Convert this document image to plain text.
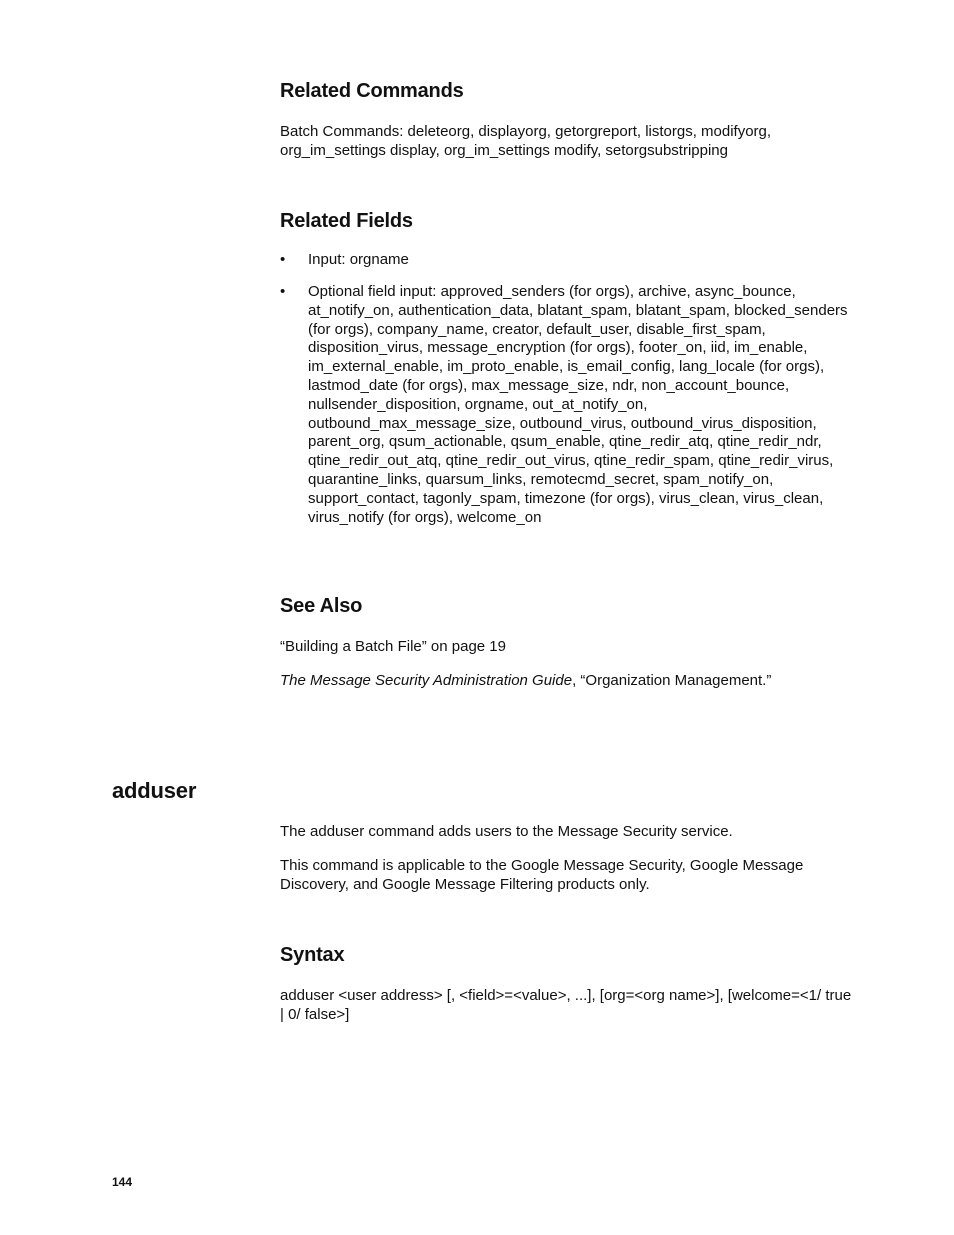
Related Commands

Batch Commands: deleteorg, displayorg, getorgreport, listorgs, modifyorg, org_im_settings display, org_im_settings modify, setorgsubstripping

Related Fields
• Input: orgname
• Optional field input: approved_senders (for orgs), archive, async_bounce, at_notify_on, authentication_data, blatant_spam, blatant_spam, blocked_senders (for orgs), company_name, creator, default_user, disable_first_spam, disposition_virus, message_encryption (for orgs), footer_on, iid, im_enable, im_external_enable, im_proto_enable, is_email_config, lang_locale (for orgs), lastmod_date (for orgs), max_message_size, ndr, non_account_bounce, nullsender_disposition, orgname, out_at_notify_on, outbound_max_message_size, outbound_virus, outbound_virus_disposition, parent_org, qsum_actionable, qsum_enable, qtine_redir_atq, qtine_redir_ndr, qtine_redir_out_atq, qtine_redir_out_virus, qtine_redir_spam, qtine_redir_virus, quarantine_links, quarsum_links, remotecmd_secret, spam_notify_on, support_contact, tagonly_spam, timezone (for orgs), virus_clean, virus_clean, virus_notify (for orgs), welcome_on
See Also

“Building a Batch File” on page 19

The Message Security Administration Guide, “Organization Management.”

adduser

The adduser command adds users to the Message Security service.

This command is applicable to the Google Message Security, Google Message Discovery, and Google Message Filtering products only.

Syntax

adduser <user address> [, <field>=<value>, ...], [org=<org name>], [welcome=<1/ true | 0/ false>]

144
